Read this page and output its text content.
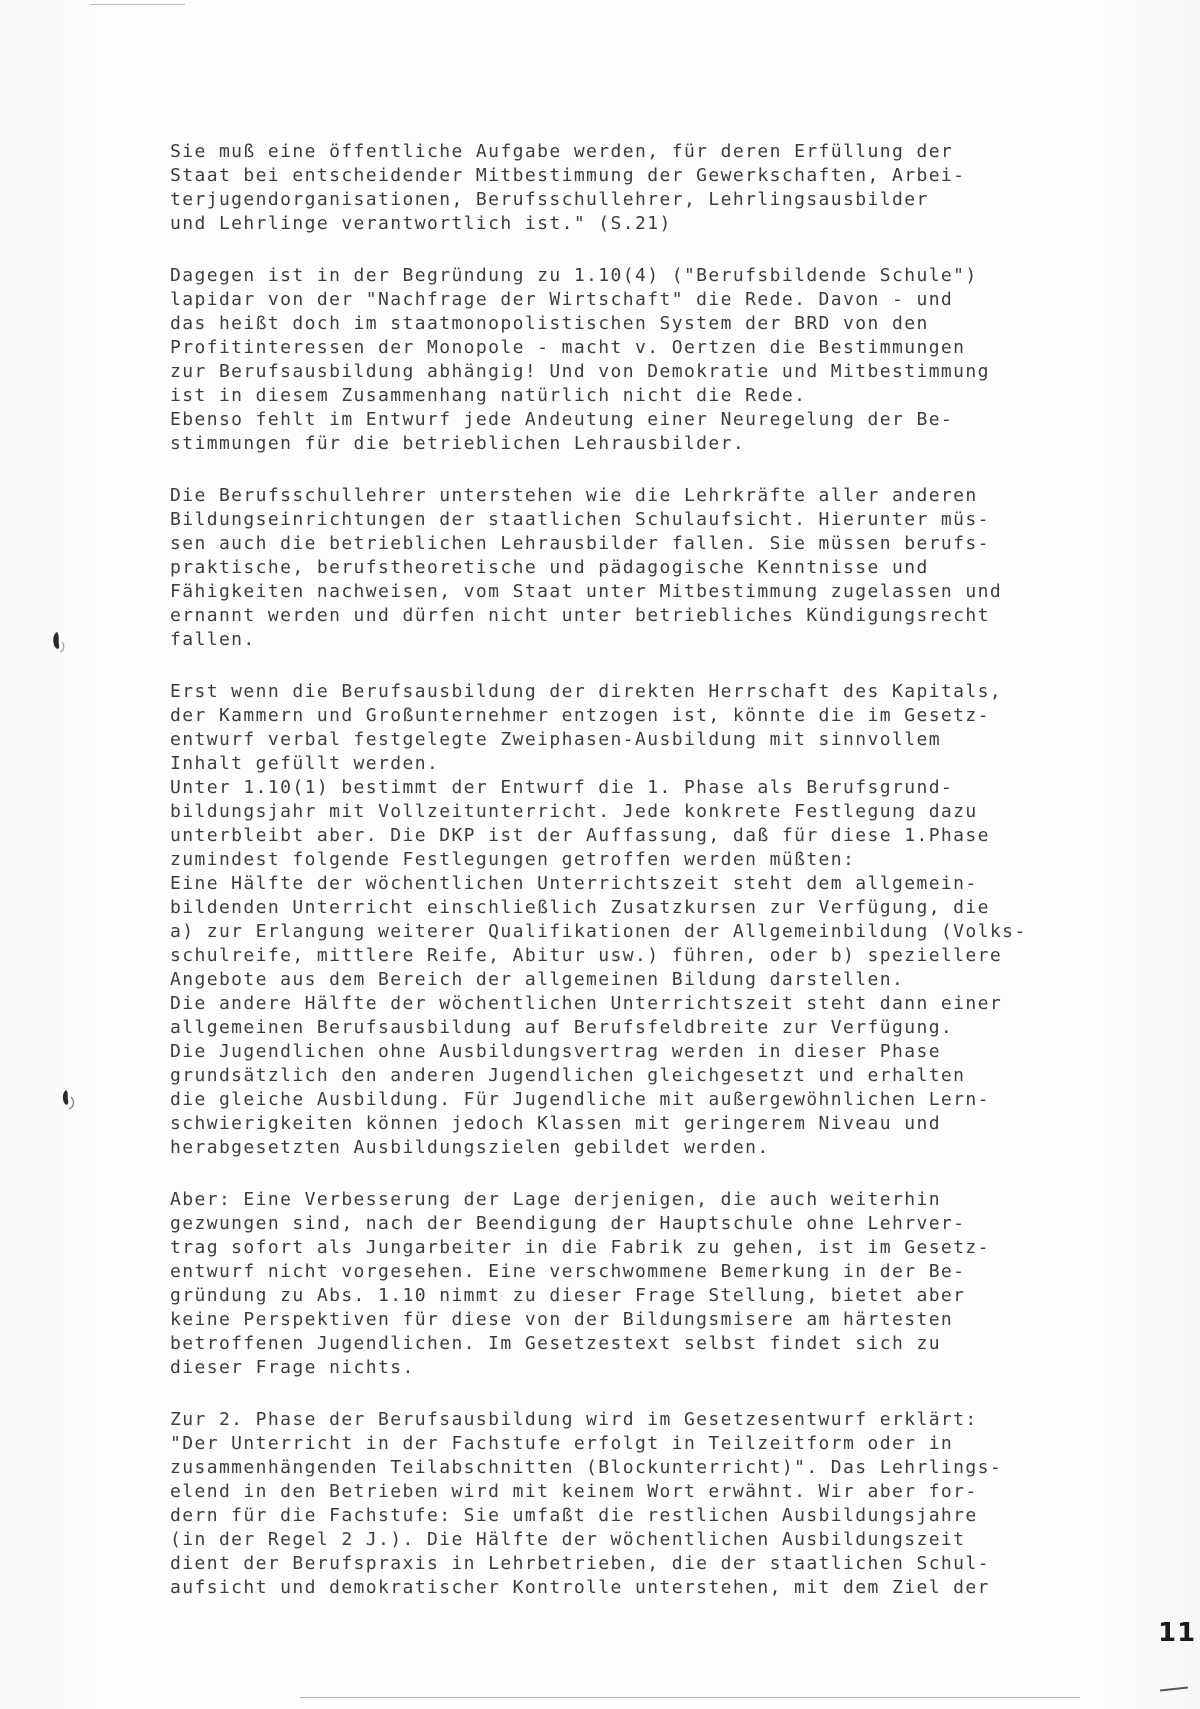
Sie muß eine öffentliche Aufgabe werden, für deren Erfüllung der
Staat bei entscheidender Mitbestimmung der Gewerkschaften, Arbei-
terjugendorganisationen, Berufsschullehrer, Lehrlingsausbilder
und Lehrlinge verantwortlich ist." (S.21)

Dagegen ist in der Begründung zu 1.10(4) ("Berufsbildende Schule")
lapidar von der "Nachfrage der Wirtschaft" die Rede. Davon - und
das heißt doch im staatmonopolistischen System der BRD von den
Profitinteressen der Monopole - macht v. Oertzen die Bestimmungen
zur Berufsausbildung abhängig! Und von Demokratie und Mitbestimmung
ist in diesem Zusammenhang natürlich nicht die Rede.
Ebenso fehlt im Entwurf jede Andeutung einer Neuregelung der Be-
stimmungen für die betrieblichen Lehrausbilder.

Die Berufsschullehrer unterstehen wie die Lehrkräfte aller anderen
Bildungseinrichtungen der staatlichen Schulaufsicht. Hierunter müs-
sen auch die betrieblichen Lehrausbilder fallen. Sie müssen berufs-
praktische, berufstheoretische und pädagogische Kenntnisse und
Fähigkeiten nachweisen, vom Staat unter Mitbestimmung zugelassen und
ernannt werden und dürfen nicht unter betriebliches Kündigungsrecht
fallen.

Erst wenn die Berufsausbildung der direkten Herrschaft des Kapitals,
der Kammern und Großunternehmer entzogen ist, könnte die im Gesetz-
entwurf verbal festgelegte Zweiphasen-Ausbildung mit sinnvollem
Inhalt gefüllt werden.
Unter 1.10(1) bestimmt der Entwurf die 1. Phase als Berufsgrund-
bildungsjahr mit Vollzeitunterricht. Jede konkrete Festlegung dazu
unterbleibt aber. Die DKP ist der Auffassung, daß für diese 1.Phase
zumindest folgende Festlegungen getroffen werden müßten:
Eine Hälfte der wöchentlichen Unterrichtszeit steht dem allgemein-
bildenden Unterricht einschließlich Zusatzkursen zur Verfügung, die
a) zur Erlangung weiterer Qualifikationen der Allgemeinbildung (Volks-
schulreife, mittlere Reife, Abitur usw.) führen, oder b) speziellere
Angebote aus dem Bereich der allgemeinen Bildung darstellen.
Die andere Hälfte der wöchentlichen Unterrichtszeit steht dann einer
allgemeinen Berufsausbildung auf Berufsfeldbreite zur Verfügung.
Die Jugendlichen ohne Ausbildungsvertrag werden in dieser Phase
grundsätzlich den anderen Jugendlichen gleichgesetzt und erhalten
die gleiche Ausbildung. Für Jugendliche mit außergewöhnlichen Lern-
schwierigkeiten können jedoch Klassen mit geringerem Niveau und
herabgesetzten Ausbildungszielen gebildet werden.

Aber: Eine Verbesserung der Lage derjenigen, die auch weiterhin
gezwungen sind, nach der Beendigung der Hauptschule ohne Lehrver-
trag sofort als Jungarbeiter in die Fabrik zu gehen, ist im Gesetz-
entwurf nicht vorgesehen. Eine verschwommene Bemerkung in der Be-
gründung zu Abs. 1.10 nimmt zu dieser Frage Stellung, bietet aber
keine Perspektiven für diese von der Bildungsmisere am härtesten
betroffenen Jugendlichen. Im Gesetzestext selbst findet sich zu
dieser Frage nichts.

Zur 2. Phase der Berufsausbildung wird im Gesetzesentwurf erklärt:
"Der Unterricht in der Fachstufe erfolgt in Teilzeitform oder in
zusammenhängenden Teilabschnitten (Blockunterricht)". Das Lehrlings-
elend in den Betrieben wird mit keinem Wort erwähnt. Wir aber for-
dern für die Fachstufe: Sie umfaßt die restlichen Ausbildungsjahre
(in der Regel 2 J.). Die Hälfte der wöchentlichen Ausbildungszeit
dient der Berufspraxis in Lehrbetrieben, die der staatlichen Schul-
aufsicht und demokratischer Kontrolle unterstehen, mit dem Ziel der

11
